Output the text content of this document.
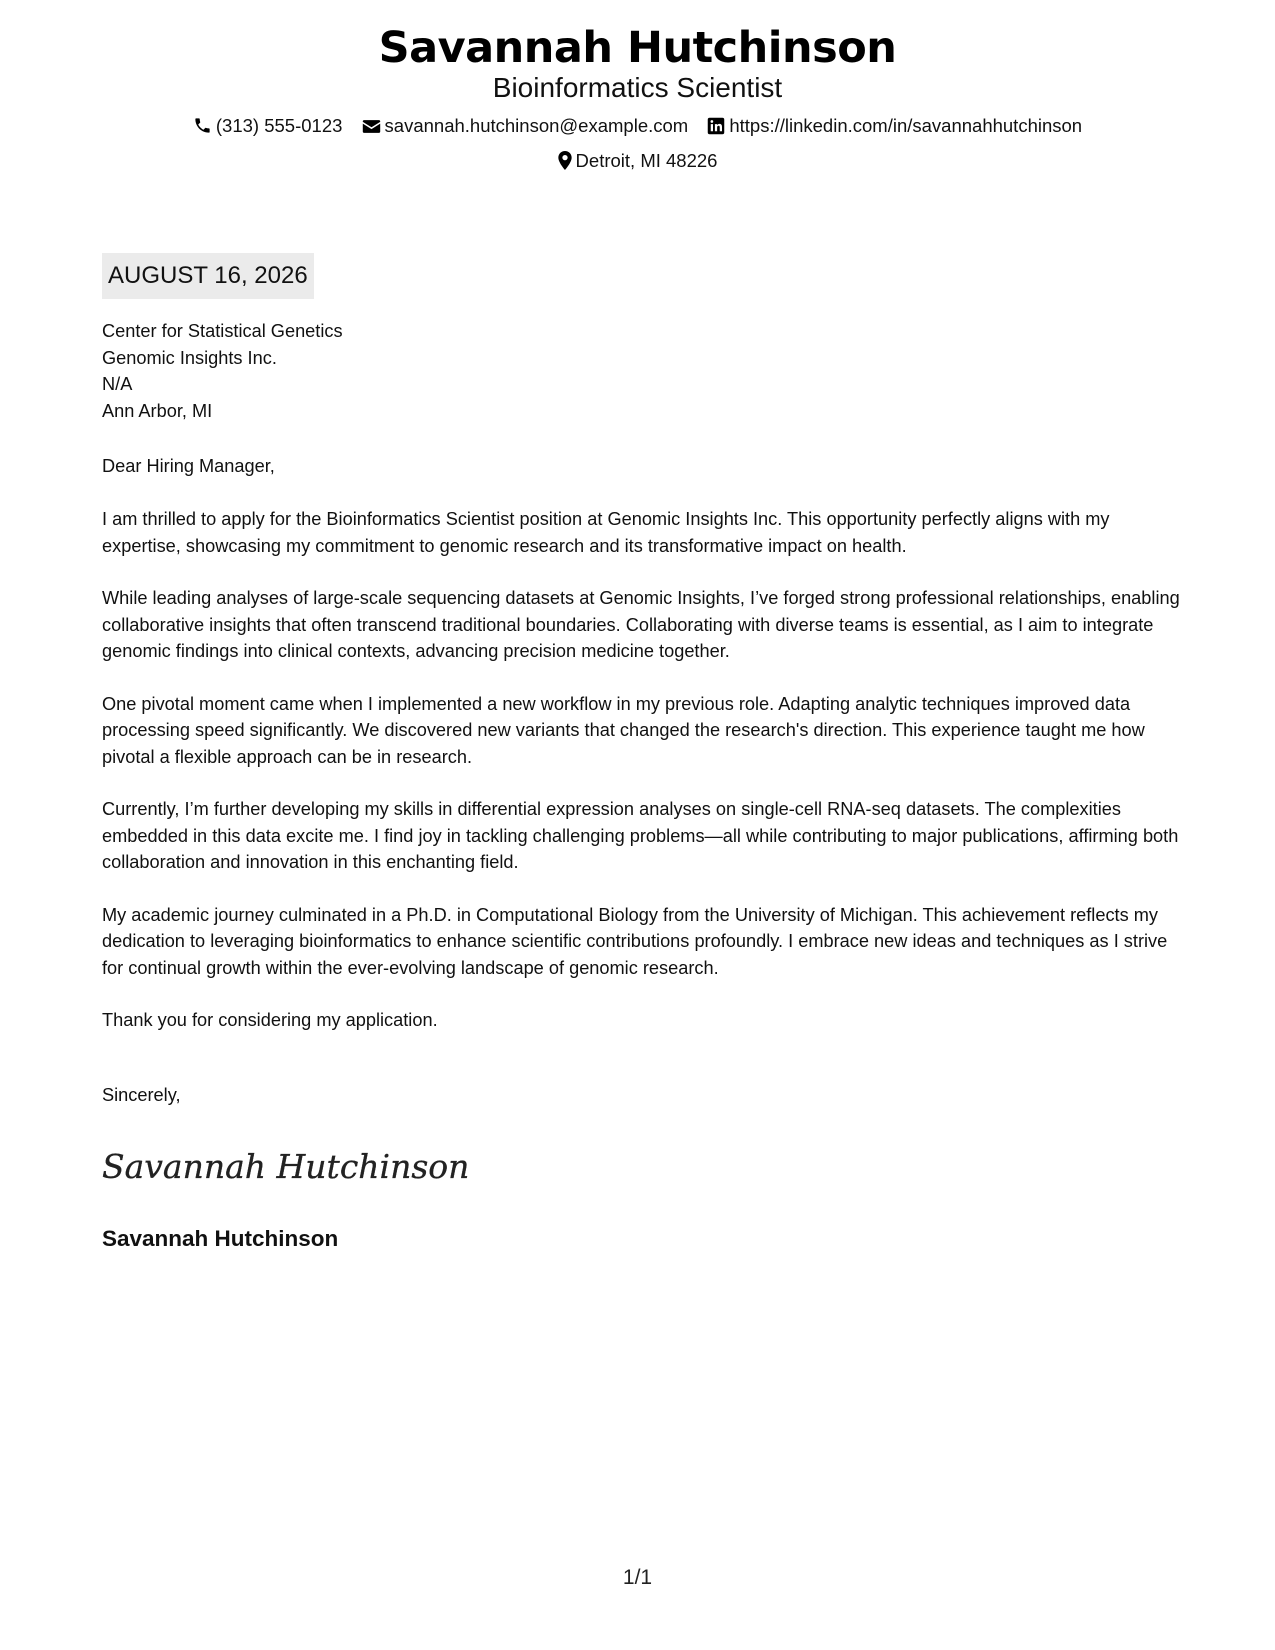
Savannah Hutchinson
Bioinformatics Scientist
(313) 555-0123 savannah.hutchinson@example.com https://linkedin.com/in/savannahhutchinson
Detroit, MI 48226
AUGUST 16, 2026
Center for Statistical Genetics
Genomic Insights Inc.
N/A
Ann Arbor, MI
Dear Hiring Manager,

I am thrilled to apply for the Bioinformatics Scientist position at Genomic Insights Inc. This opportunity perfectly aligns with my expertise, showcasing my commitment to genomic research and its transformative impact on health.

While leading analyses of large-scale sequencing datasets at Genomic Insights, I’ve forged strong professional relationships, enabling collaborative insights that often transcend traditional boundaries. Collaborating with diverse teams is essential, as I aim to integrate genomic findings into clinical contexts, advancing precision medicine together.

One pivotal moment came when I implemented a new workflow in my previous role. Adapting analytic techniques improved data processing speed significantly. We discovered new variants that changed the research's direction. This experience taught me how pivotal a flexible approach can be in research.

Currently, I’m further developing my skills in differential expression analyses on single-cell RNA-seq datasets. The complexities embedded in this data excite me. I find joy in tackling challenging problems—all while contributing to major publications, affirming both collaboration and innovation in this enchanting field.

My academic journey culminated in a Ph.D. in Computational Biology from the University of Michigan. This achievement reflects my dedication to leveraging bioinformatics to enhance scientific contributions profoundly. I embrace new ideas and techniques as I strive for continual growth within the ever-evolving landscape of genomic research.

Thank you for considering my application.

Sincerely,
Savannah Hutchinson
Savannah Hutchinson
1/1
